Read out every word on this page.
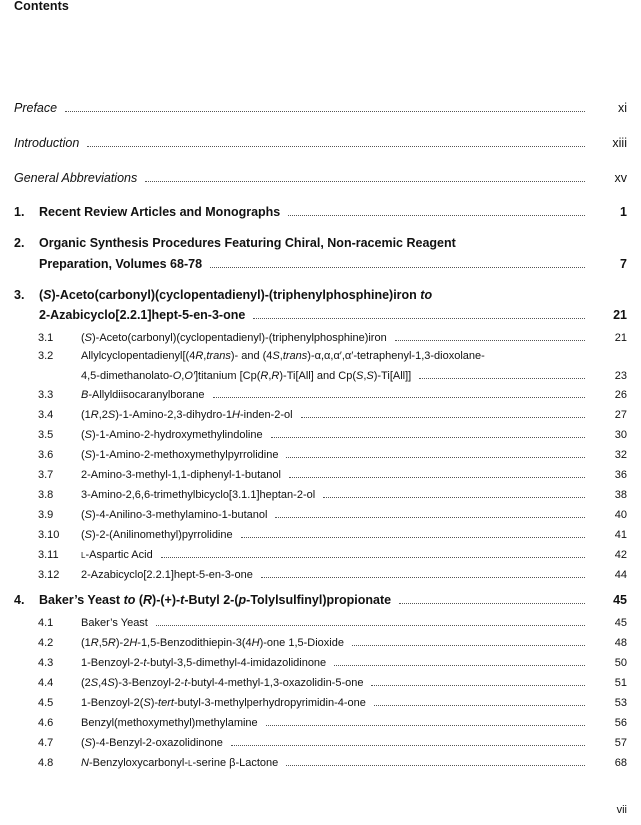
Contents
Preface	xi
Introduction	xiii
General Abbreviations	xv
1. Recent Review Articles and Monographs	1
2. Organic Synthesis Procedures Featuring Chiral, Non-racemic Reagent
Preparation, Volumes 68-78	7
3. (S)-Aceto(carbonyl)(cyclopentadienyl)-(triphenylphosphine)iron to
2-Azabicyclo[2.2.1]hept-5-en-3-one	21
3.1	(S)-Aceto(carbonyl)(cyclopentadienyl)-(triphenylphosphine)iron	21
3.2	Allylcyclopentadienyl[(4R,trans)- and (4S,trans)-α,α,α′,α′-tetraphenyl-1,3-dioxolane-
4,5-dimethanolato-O,O′]titanium [Cp(R,R)-Ti[All] and Cp(S,S)-Ti[All]]	23
3.3	B-Allyldiisocaranylborane	26
3.4	(1R,2S)-1-Amino-2,3-dihydro-1H-inden-2-ol	27
3.5	(S)-1-Amino-2-hydroxymethylindoline	30
3.6	(S)-1-Amino-2-methoxymethylpyrrolidine	32
3.7	2-Amino-3-methyl-1,1-diphenyl-1-butanol	36
3.8	3-Amino-2,6,6-trimethylbicyclo[3.1.1]heptan-2-ol	38
3.9	(S)-4-Anilino-3-methylamino-1-butanol	40
3.10 (S)-2-(Anilinomethyl)pyrrolidine	41
3.11 l-Aspartic Acid	42
3.12 2-Azabicyclo[2.2.1]hept-5-en-3-one	44
4. Baker’s Yeast to (R)-(+)-t-Butyl 2-(p-Tolylsulfinyl)propionate	45
4.1	Baker’s Yeast	45
4.2	(1R,5R)-2H-1,5-Benzodithiepin-3(4H)-one 1,5-Dioxide	48
4.3	1-Benzoyl-2-t-butyl-3,5-dimethyl-4-imidazolidinone	50
4.4	(2S,4S)-3-Benzoyl-2-t-butyl-4-methyl-1,3-oxazolidin-5-one	51
4.5	1-Benzoyl-2(S)-tert-butyl-3-methylperhydropyrimidin-4-one	53
4.6	Benzyl(methoxymethyl)methylamine	56
4.7	(S)-4-Benzyl-2-oxazolidinone	57
4.8	N-Benzyloxycarbonyl-l-serine β-Lactone	68
vii
